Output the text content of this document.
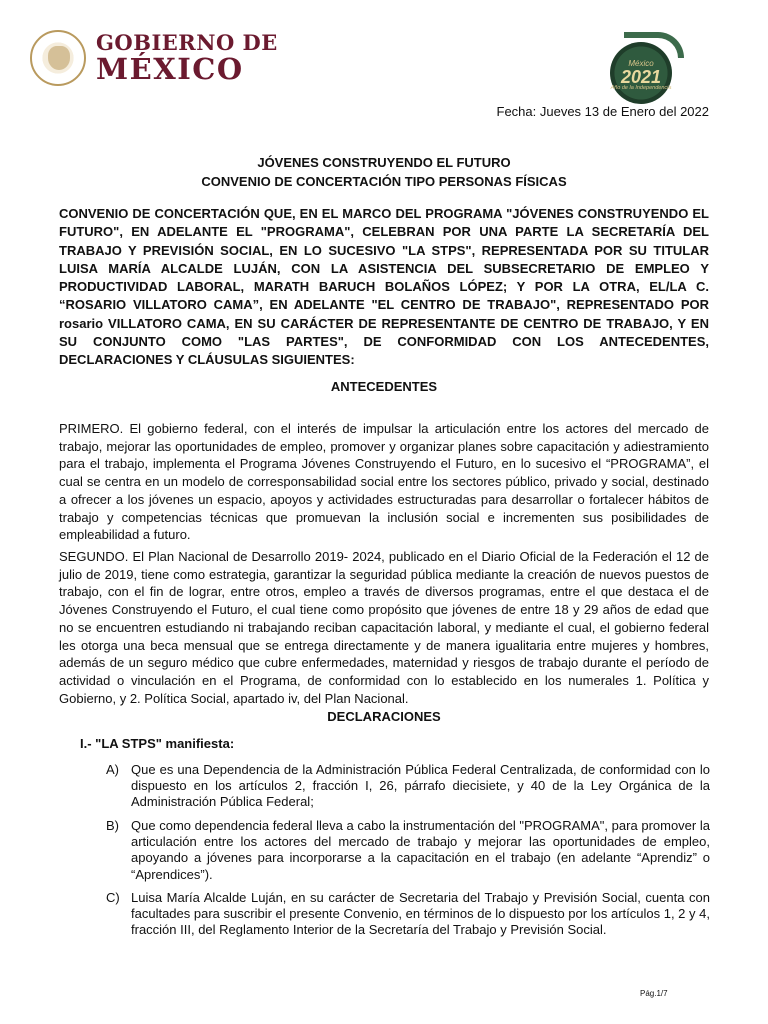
GOBIERNO DE
MÉXICO	México
2021
Año de la Independencia
Fecha: Jueves 13 de Enero del 2022
JÓVENES CONSTRUYENDO EL FUTURO
CONVENIO DE CONCERTACIÓN TIPO PERSONAS FÍSICAS

CONVENIO DE CONCERTACIÓN QUE, EN EL MARCO DEL PROGRAMA "JÓVENES CONSTRUYENDO EL FUTURO", EN ADELANTE EL "PROGRAMA", CELEBRAN POR UNA PARTE LA SECRETARÍA DEL TRABAJO Y PREVISIÓN SOCIAL, EN LO SUCESIVO "LA STPS", REPRESENTADA POR SU TITULAR LUISA MARÍA ALCALDE LUJÁN, CON LA ASISTENCIA DEL SUBSECRETARIO DE EMPLEO Y PRODUCTIVIDAD LABORAL, MARATH BARUCH BOLAÑOS LÓPEZ; Y POR LA OTRA, EL/LA C. “ROSARIO VILLATORO CAMA”, EN ADELANTE "EL CENTRO DE TRABAJO", REPRESENTADO POR rosario VILLATORO CAMA, EN SU CARÁCTER DE REPRESENTANTE DE CENTRO DE TRABAJO, Y EN SU CONJUNTO COMO "LAS PARTES", DE CONFORMIDAD CON LOS ANTECEDENTES, DECLARACIONES Y CLÁUSULAS SIGUIENTES:

ANTECEDENTES

PRIMERO. El gobierno federal, con el interés de impulsar la articulación entre los actores del mercado de trabajo, mejorar las oportunidades de empleo, promover y organizar planes sobre capacitación y adiestramiento para el trabajo, implementa el Programa Jóvenes Construyendo el Futuro, en lo sucesivo el “PROGRAMA”, el cual se centra en un modelo de corresponsabilidad social entre los sectores público, privado y social, destinado a ofrecer a los jóvenes un espacio, apoyos y actividades estructuradas para desarrollar o fortalecer hábitos de trabajo y competencias técnicas que promuevan la inclusión social e incrementen sus posibilidades de empleabilidad a futuro.

SEGUNDO. El Plan Nacional de Desarrollo 2019- 2024, publicado en el Diario Oficial de la Federación el 12 de julio de 2019, tiene como estrategia, garantizar la seguridad pública mediante la creación de nuevos puestos de trabajo, con el fin de lograr, entre otros, empleo a través de diversos programas, entre el que destaca el de Jóvenes Construyendo el Futuro, el cual tiene como propósito que jóvenes de entre 18 y 29 años de edad que no se encuentren estudiando ni trabajando reciban capacitación laboral, y mediante el cual, el gobierno federal les otorga una beca mensual que se entrega directamente y de manera igualitaria entre mujeres y hombres, además de un seguro médico que cubre enfermedades, maternidad y riesgos de trabajo durante el período de actividad o vinculación en el Programa, de conformidad con lo establecido en los numerales 1. Política y Gobierno, y 2. Política Social, apartado iv, del Plan Nacional.

DECLARACIONES
I.- "LA STPS" manifiesta:
A) Que es una Dependencia de la Administración Pública Federal Centralizada, de conformidad con lo dispuesto en los artículos 2, fracción I, 26, párrafo diecisiete, y 40 de la Ley Orgánica de la Administración Pública Federal;

B) Que como dependencia federal lleva a cabo la instrumentación del "PROGRAMA", para promover la articulación entre los actores del mercado de trabajo y mejorar las oportunidades de empleo, apoyando a jóvenes para incorporarse a la capacitación en el trabajo (en adelante “Aprendiz” o “Aprendices”).

C) Luisa María Alcalde Luján, en su carácter de Secretaria del Trabajo y Previsión Social, cuenta con facultades para suscribir el presente Convenio, en términos de lo dispuesto por los artículos 1, 2 y 4, fracción III, del Reglamento Interior de la Secretaría del Trabajo y Previsión Social.

Pág.1/7
